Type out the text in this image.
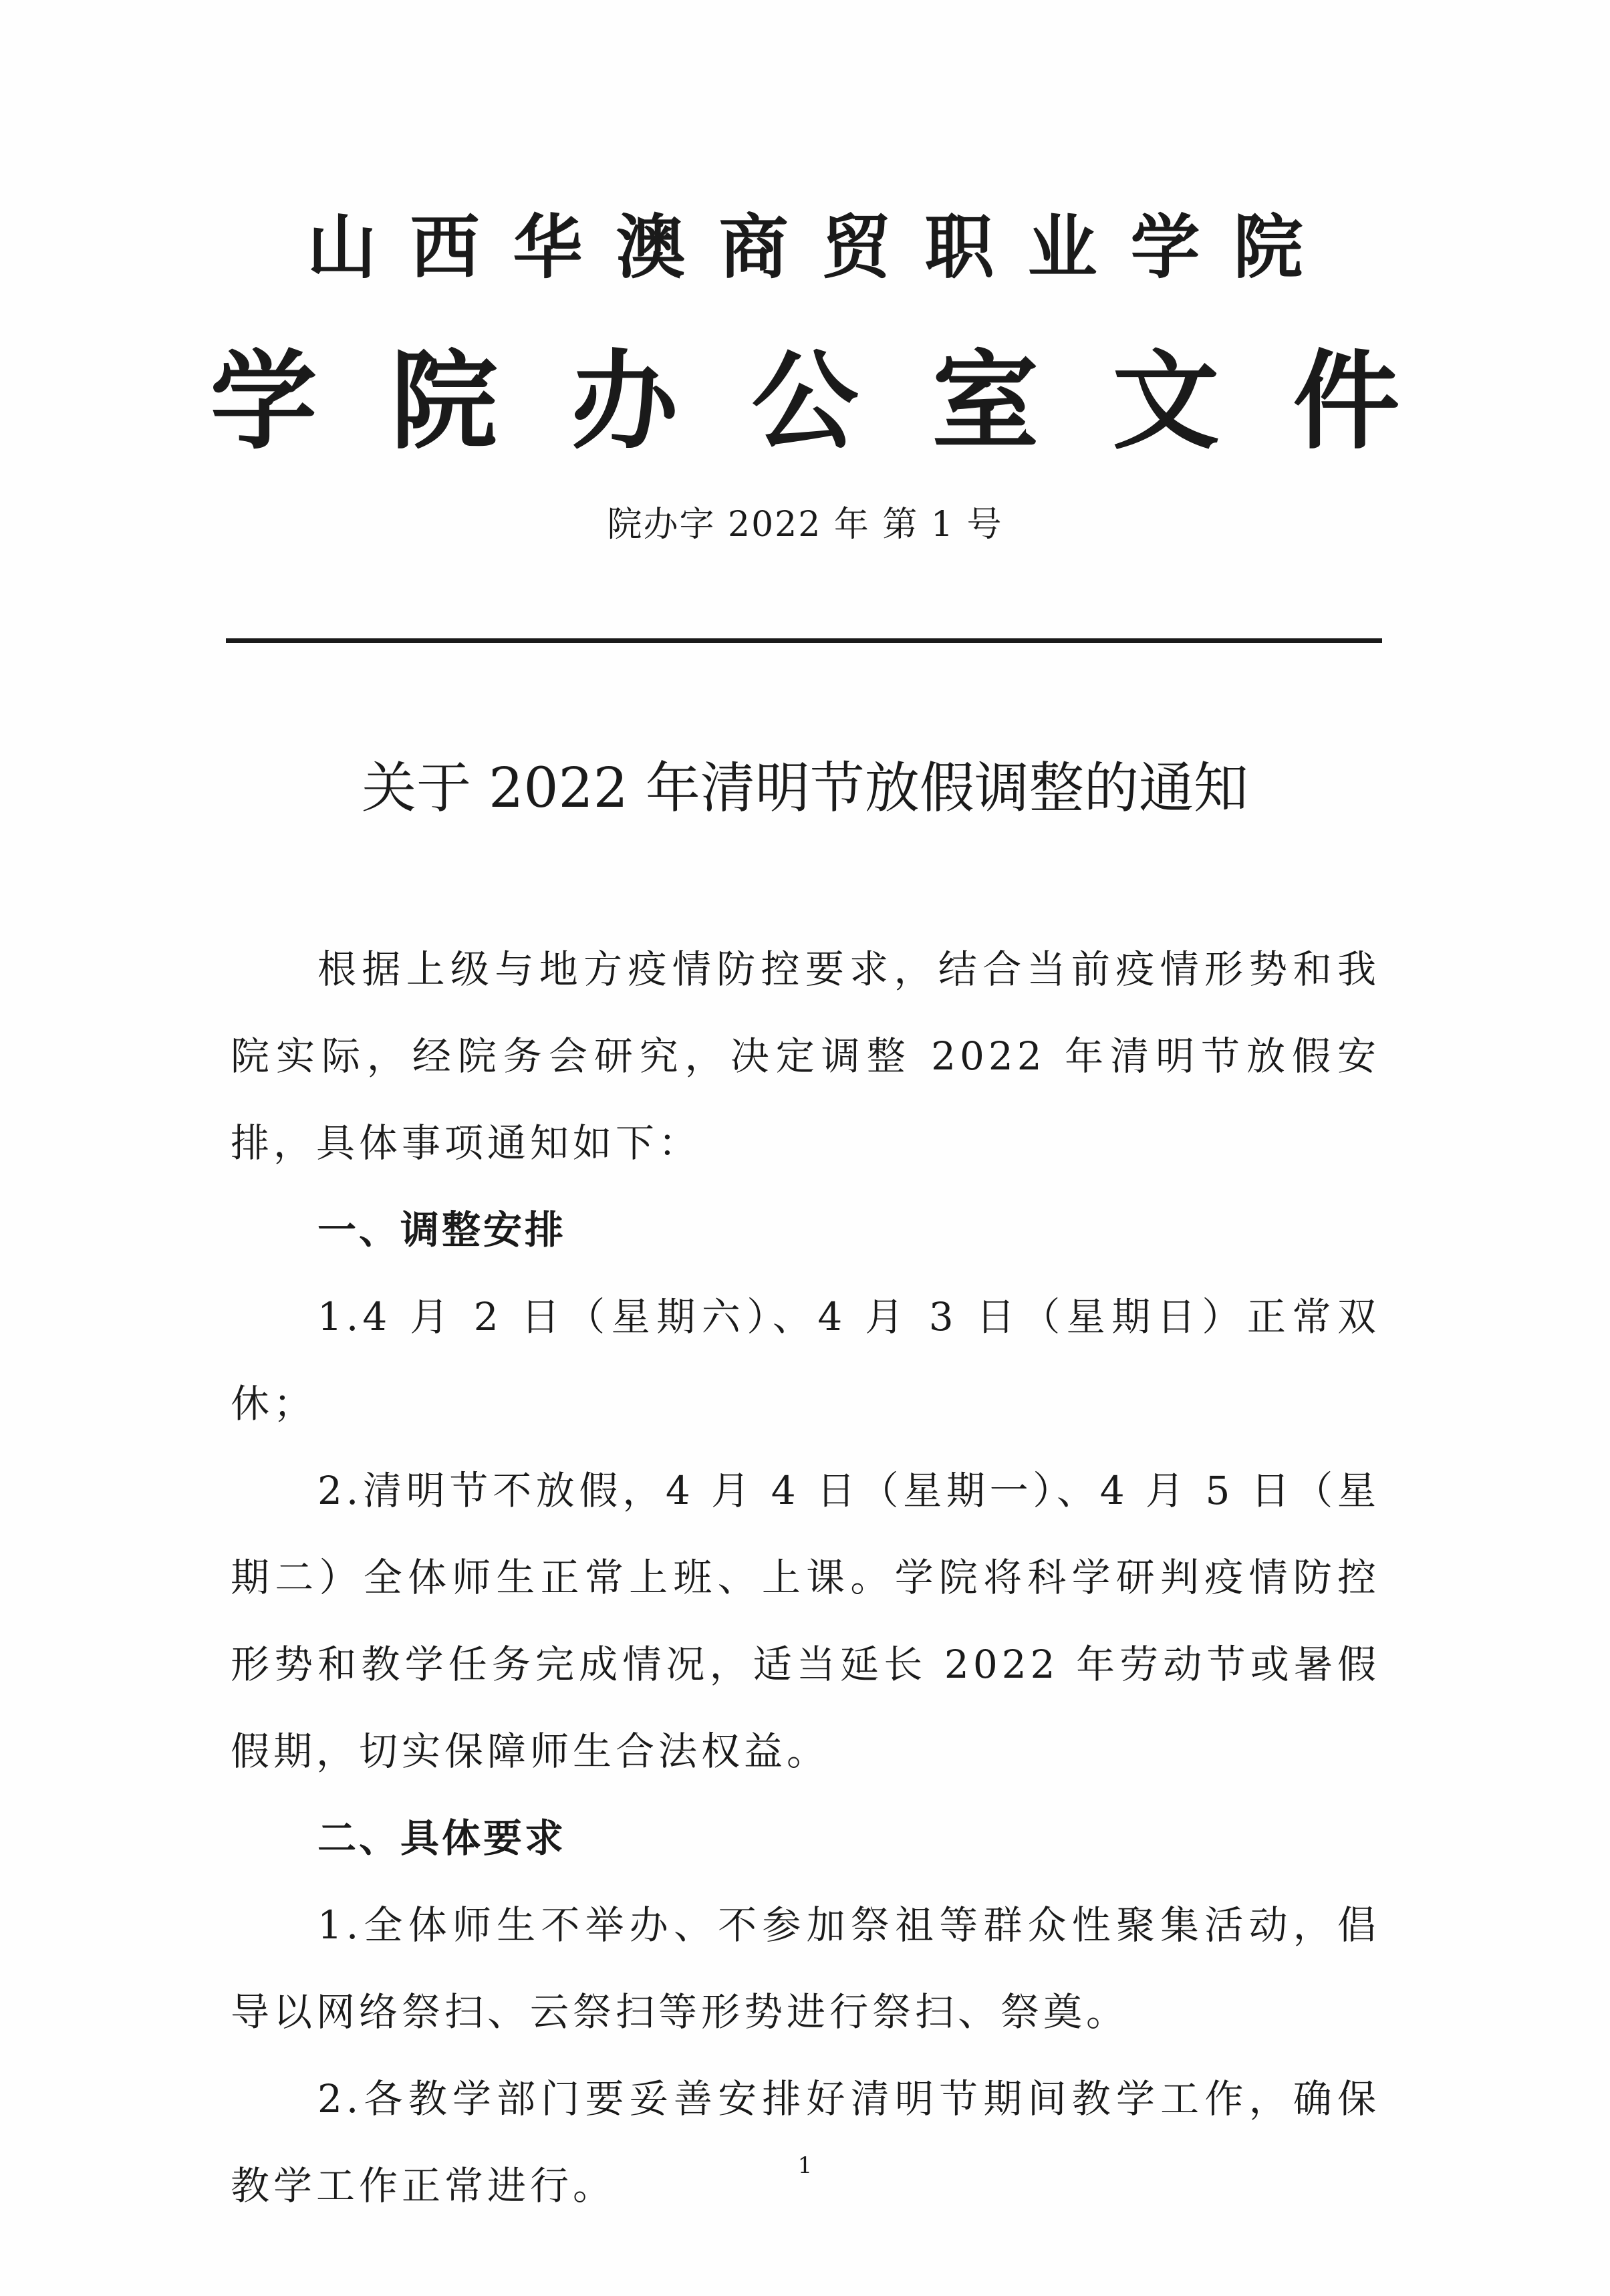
山西华澳商贸职业学院
学院办公室文件
院办字 2022 年 第 1 号
关于 2022 年清明节放假调整的通知

根据上级与地方疫情防控要求，结合当前疫情形势和我院实际，经院务会研究，决定调整 2022 年清明节放假安排，具体事项通知如下：

一、调整安排

1.4 月 2 日（星期六）、4 月 3 日（星期日）正常双休；

2.清明节不放假，4 月 4 日（星期一）、4 月 5 日（星期二）全体师生正常上班、上课。学院将科学研判疫情防控形势和教学任务完成情况，适当延长 2022 年劳动节或暑假假期，切实保障师生合法权益。

二、具体要求

1.全体师生不举办、不参加祭祖等群众性聚集活动，倡导以网络祭扫、云祭扫等形势进行祭扫、祭奠。

2.各教学部门要妥善安排好清明节期间教学工作，确保教学工作正常进行。	1
